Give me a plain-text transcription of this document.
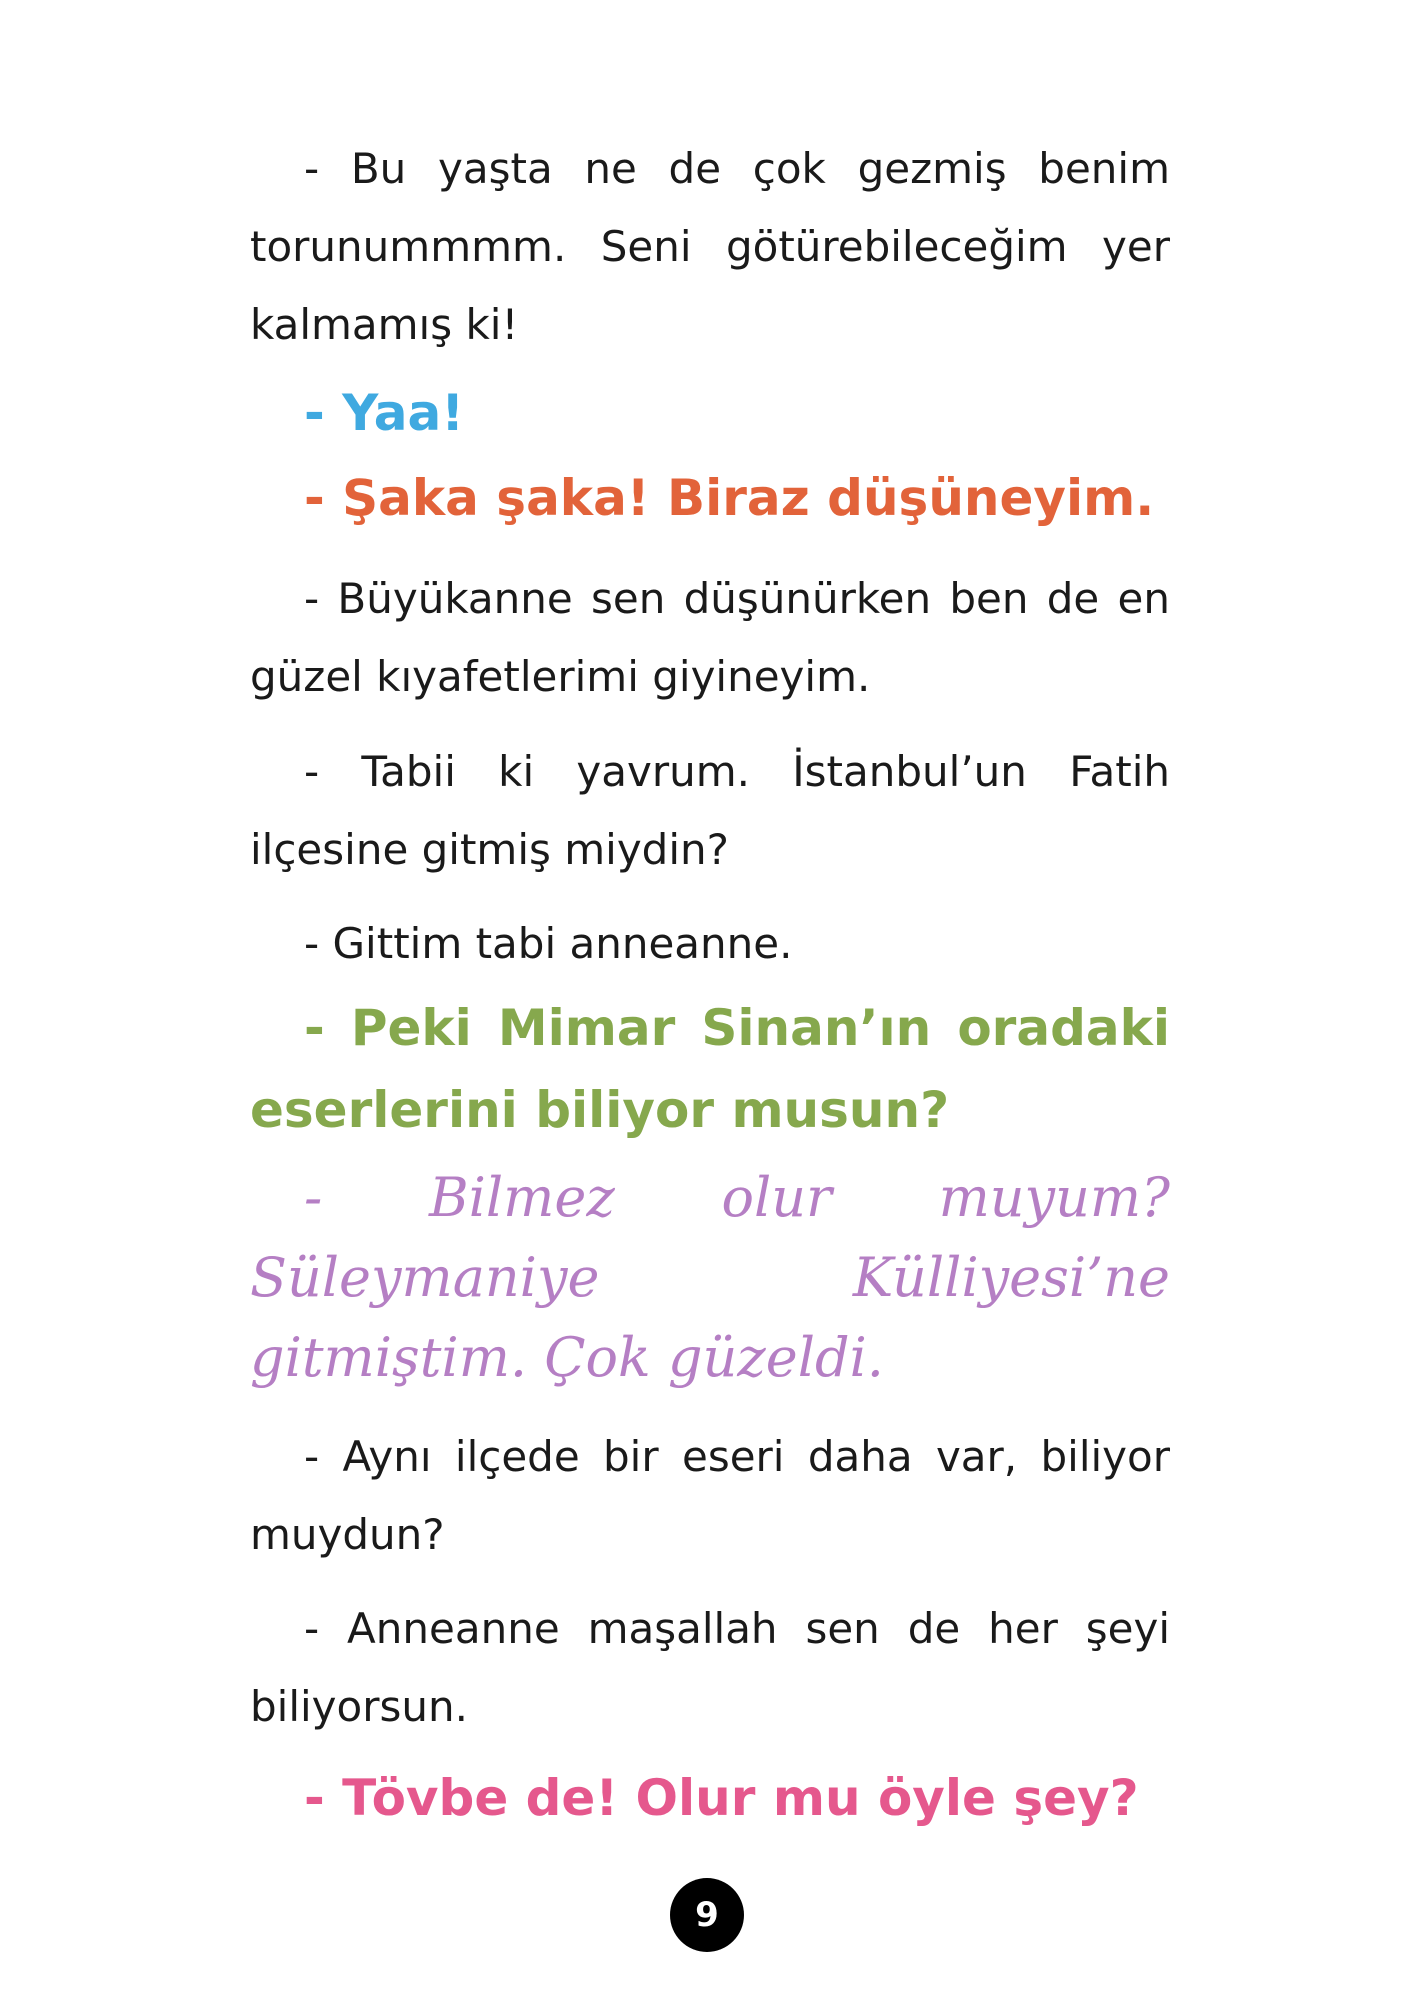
- Bu yaşta ne de çok gezmiş benim torunummmm. Seni götürebileceğim yer kalmamış ki!

- Yaa!

- Şaka şaka! Biraz düşüneyim.

- Büyükanne sen düşünürken ben de en güzel kıyafetlerimi giyineyim.

- Tabii ki yavrum. İstanbul’un Fatih ilçesine gitmiş miydin?

- Gittim tabi anneanne.

- Peki Mimar Sinan’ın oradaki eserlerini biliyor musun?

- Bilmez olur muyum? Süleymaniye Külliyesi’ne gitmiştim. Çok güzeldi.

- Aynı ilçede bir eseri daha var, biliyor muydun?

- Anneanne maşallah sen de her şeyi biliyorsun.

- Tövbe de! Olur mu öyle şey?

9
